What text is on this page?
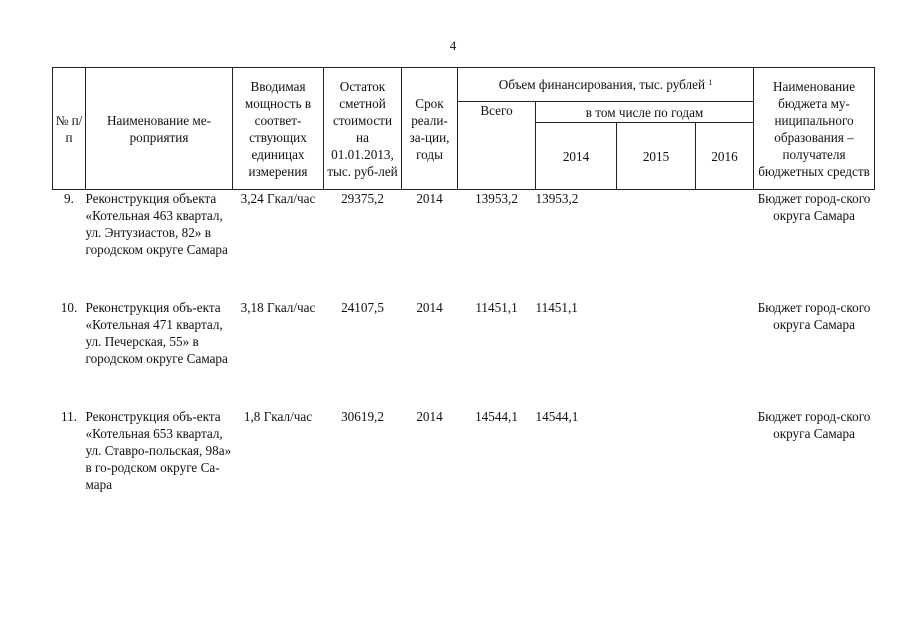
4
№ п/п	Наименование ме-роприятия	Вводимая мощность в соответ-ствующих единицах измерения	Остаток сметной стоимости на 01.01.2013, тыс. руб-лей	Срок реали-за-ции, годы	Объем финансирования, тыс. рублей $^1$				Наименование бюджета му-ниципального образования – получателя бюджетных средств
					Всего	в том числе по годам			
						2014	2015	2016	
9.	Реконструкция объекта «Котельная 463 квартал, ул. Энтузиастов, 82» в городском округе Самара	3,24 Гкал/час	29375,2	2014	13953,2	13953,2			Бюджет город-ского округа Самара
10.	Реконструкция объ-екта «Котельная 471 квартал, ул. Печерская, 55» в городском округе Самара	3,18 Гкал/час	24107,5	2014	11451,1	11451,1			Бюджет город-ского округа Самара
11.	Реконструкция объ-екта «Котельная 653 квартал, ул. Ставро-польская, 98а» в го-родском округе Са-мара	1,8 Гкал/час	30619,2	2014	14544,1	14544,1			Бюджет город-ского округа Самара
